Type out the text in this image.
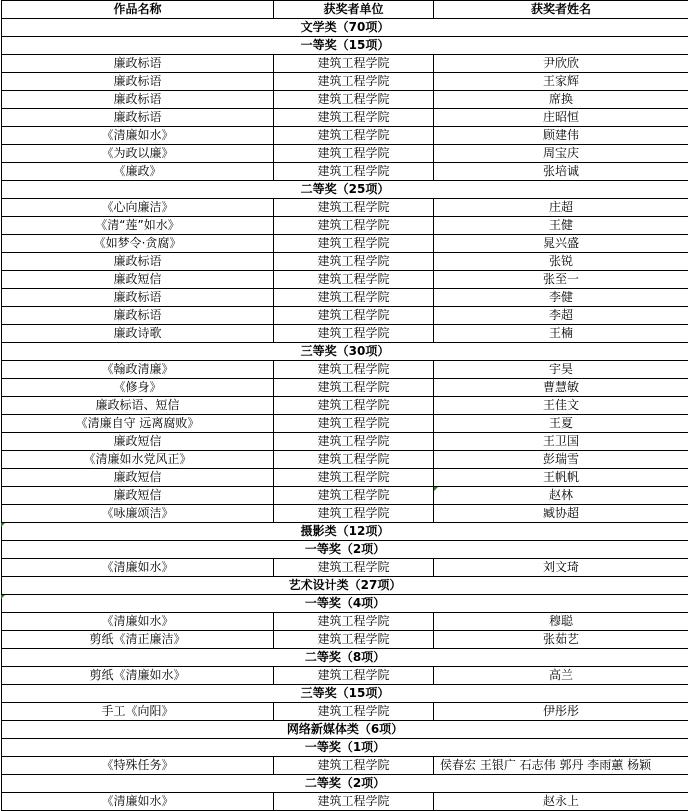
作品名称	获奖者单位	获奖者姓名
文学类（70项）		
一等奖（15项）		
廉政标语	建筑工程学院	尹欣欣
廉政标语	建筑工程学院	王家辉
廉政标语	建筑工程学院	席换
廉政标语	建筑工程学院	庄昭恒
《清廉如水》	建筑工程学院	顾建伟
《为政以廉》	建筑工程学院	周宝庆
《廉政》	建筑工程学院	张培诚
二等奖（25项）		
《心向廉洁》	建筑工程学院	庄超
《清“莲”如水》	建筑工程学院	王健
《如梦令·贪腐》	建筑工程学院	晁兴盛
廉政标语	建筑工程学院	张锐
廉政短信	建筑工程学院	张至一
廉政标语	建筑工程学院	李健
廉政标语	建筑工程学院	李超
廉政诗歌	建筑工程学院	王楠
三等奖（30项）		
《翰政清廉》	建筑工程学院	宇昊
《修身》	建筑工程学院	曹慧敏
廉政标语、短信	建筑工程学院	王佳文
《清廉自守 远离腐败》	建筑工程学院	王夏
廉政短信	建筑工程学院	王卫国
《清廉如水党风正》	建筑工程学院	彭瑞雪
廉政短信	建筑工程学院	王帆帆
廉政短信	建筑工程学院	赵林
《咏廉颂洁》	建筑工程学院	臧协超
摄影类（12项）		
一等奖（2项）		
《清廉如水》	建筑工程学院	刘文琦
艺术设计类（27项）		
一等奖（4项）		
《清廉如水》	建筑工程学院	穆聪
剪纸《清正廉洁》	建筑工程学院	张茹艺
二等奖（8项）		
剪纸《清廉如水》	建筑工程学院	高兰
三等奖（15项）		
手工《向阳》	建筑工程学院	伊彤彤
网络新媒体类（6项）		
一等奖（1项）		
《特殊任务》	建筑工程学院	侯春宏 王银广 石志伟 郭丹 李雨蕙 杨颖
二等奖（2项）		
《清廉如水》	建筑工程学院	赵永上
